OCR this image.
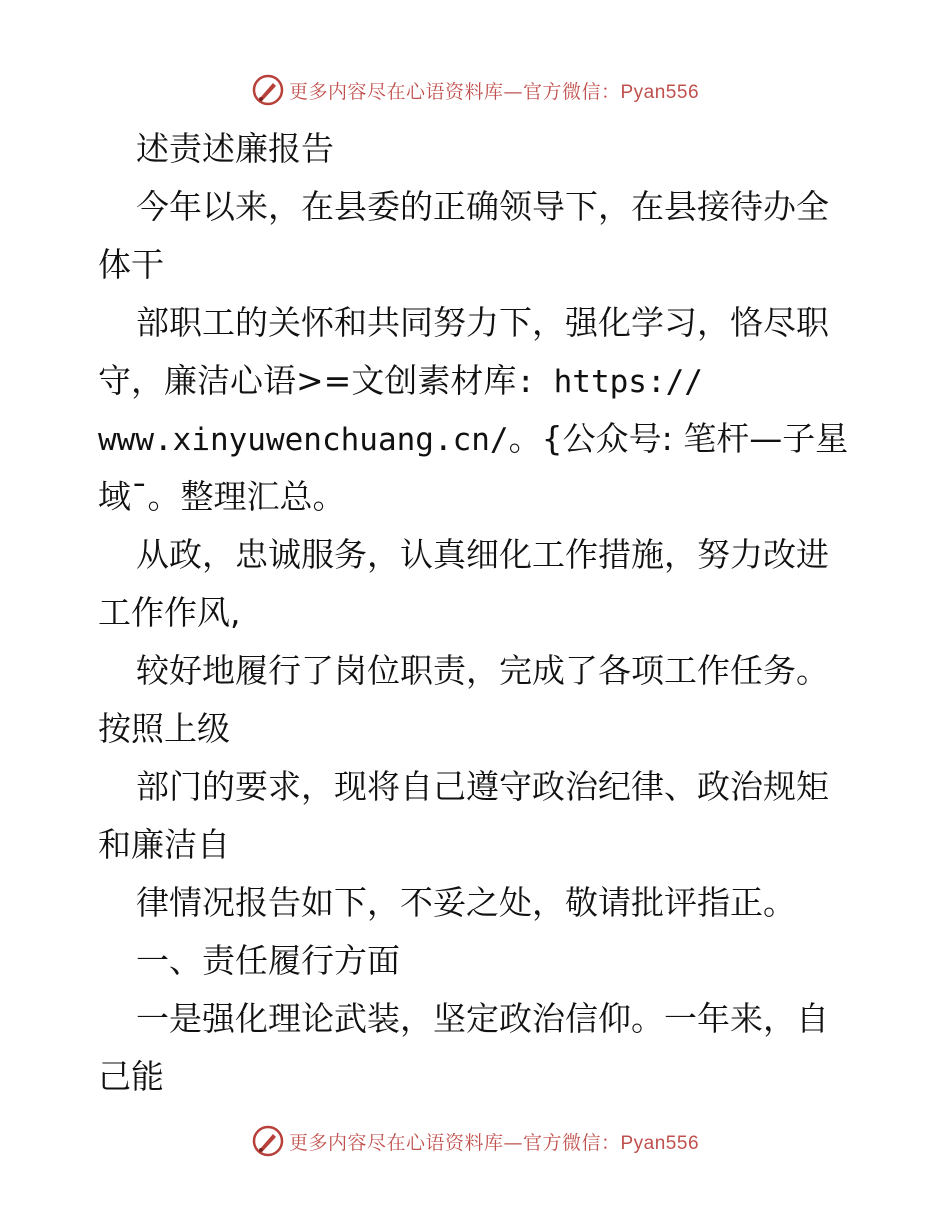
更多内容尽在心语资料库—官方微信：Pyan556
述责述廉报告
今年以来，在县委的正确领导下，在县接待办全
体干
部职工的关怀和共同努力下，强化学习，恪尽职
守，廉洁心语>=文创素材库: https://
www.xinyuwenchuang.cn/。{公众号: 笔杆—子星
域¯。整理汇总。
从政，忠诚服务，认真细化工作措施，努力改进
工作作风,
较好地履行了岗位职责，完成了各项工作任务。
按照上级
部门的要求，现将自己遵守政治纪律、政治规矩
和廉洁自
律情况报告如下，不妥之处，敬请批评指正。
一、责任履行方面
一是强化理论武装，坚定政治信仰。一年来，自
己能
更多内容尽在心语资料库—官方微信：Pyan556
